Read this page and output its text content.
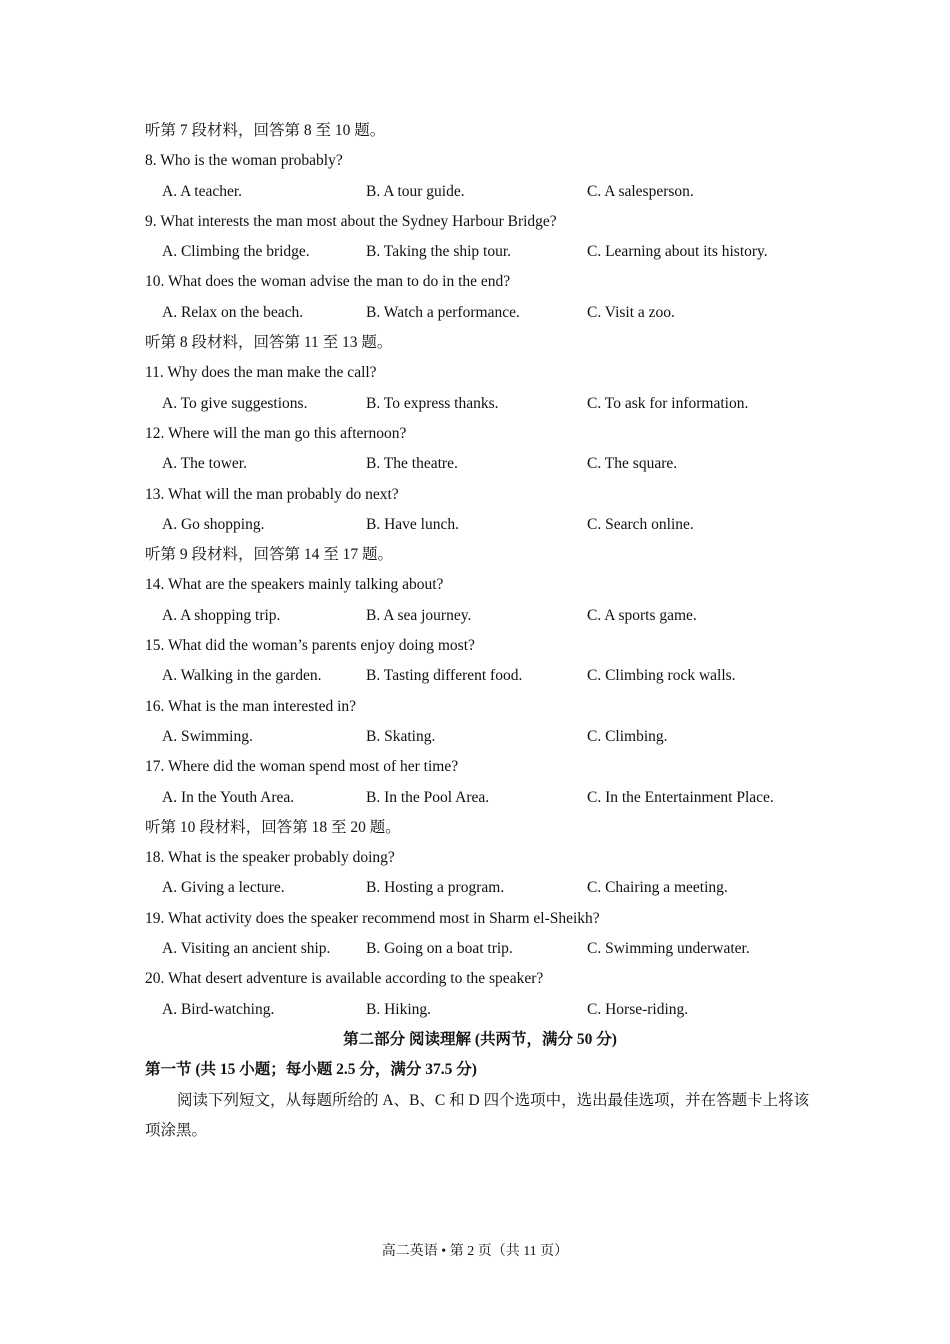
听第 7 段材料，回答第 8 至 10 题。
8. Who is the woman probably?
A. A teacher.	B. A tour guide.	C. A salesperson.
9. What interests the man most about the Sydney Harbour Bridge?
A. Climbing the bridge.	B. Taking the ship tour.	C. Learning about its history.
10. What does the woman advise the man to do in the end?
A. Relax on the beach.	B. Watch a performance.	C. Visit a zoo.
听第 8 段材料，回答第 11 至 13 题。
11. Why does the man make the call?
A. To give suggestions.	B. To express thanks.	C. To ask for information.
12. Where will the man go this afternoon?
A. The tower.	B. The theatre.	C. The square.
13. What will the man probably do next?
A. Go shopping.	B. Have lunch.	C. Search online.
听第 9 段材料，回答第 14 至 17 题。
14. What are the speakers mainly talking about?
A. A shopping trip.	B. A sea journey.	C. A sports game.
15. What did the woman’s parents enjoy doing most?
A. Walking in the garden.	B. Tasting different food.	C. Climbing rock walls.
16. What is the man interested in?
A. Swimming.	B. Skating.	C. Climbing.
17. Where did the woman spend most of her time?
A. In the Youth Area.	B. In the Pool Area.	C. In the Entertainment Place.
听第 10 段材料，回答第 18 至 20 题。
18. What is the speaker probably doing?
A. Giving a lecture.	B. Hosting a program.	C. Chairing a meeting.
19. What activity does the speaker recommend most in Sharm el-Sheikh?
A. Visiting an ancient ship.	B. Going on a boat trip.	C. Swimming underwater.
20. What desert adventure is available according to the speaker?
A. Bird-watching.	B. Hiking.	C. Horse-riding.
第二部分 阅读理解 (共两节，满分 50 分)
第一节 (共 15 小题；每小题 2.5 分，满分 37.5 分)
阅读下列短文，从每题所给的 A、B、C 和 D 四个选项中，选出最佳选项，并在答题卡上将该项涂黑。
高二英语 • 第 2 页（共 11 页）
